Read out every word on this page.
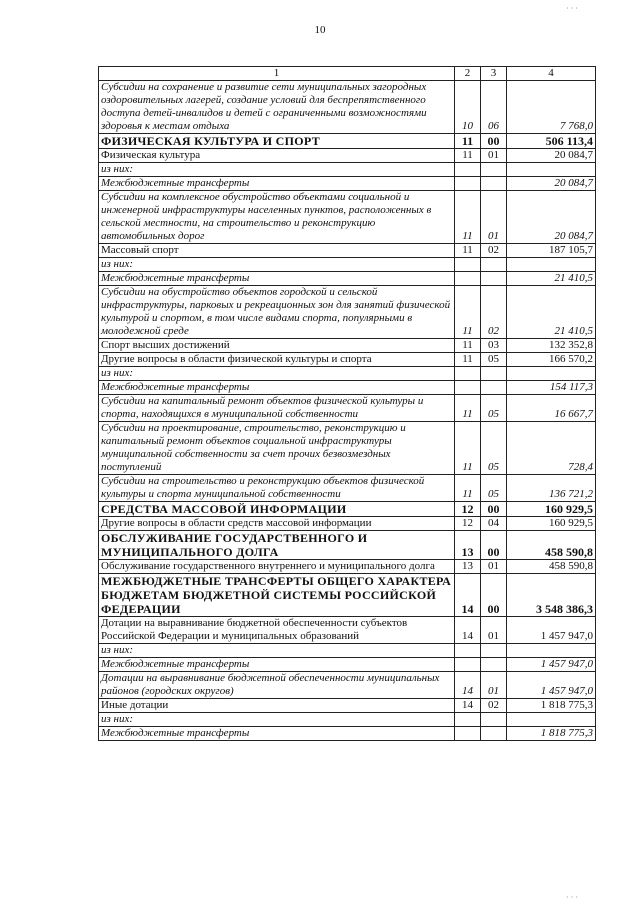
10
· · ·
· · ·
1	2	3	4
Субсидии на сохранение и развитие сети муниципальных загородных оздоровительных лагерей, создание условий для беспрепятственного доступа детей-инвалидов и детей с ограниченными возможностями здоровья к местам отдыха	10	06	7 768,0
ФИЗИЧЕСКАЯ КУЛЬТУРА И СПОРТ	11	00	506 113,4
Физическая культура	11	01	20 084,7
из них:			
Межбюджетные трансферты			20 084,7
Субсидии на комплексное обустройство объектами социальной и инженерной инфраструктуры населенных пунктов, расположенных в сельской местности, на строительство и реконструкцию автомобильных дорог	11	01	20 084,7
Массовый спорт	11	02	187 105,7
из них:			
Межбюджетные трансферты			21 410,5
Субсидии на обустройство объектов городской и сельской инфраструктуры, парковых и рекреационных зон для занятий физической культурой и спортом, в том числе видами спорта, популярными в молодежной среде	11	02	21 410,5
Спорт высших достижений	11	03	132 352,8
Другие вопросы в области физической культуры и спорта	11	05	166 570,2
из них:			
Межбюджетные трансферты			154 117,3
Субсидии на капитальный ремонт объектов физической культуры и спорта, находящихся в муниципальной собственности	11	05	16 667,7
Субсидии на проектирование, строительство, реконструкцию и капитальный ремонт объектов социальной инфраструктуры муниципальной собственности за счет прочих безвозмездных поступлений	11	05	728,4
Субсидии на строительство и реконструкцию объектов физической культуры и спорта муниципальной собственности	11	05	136 721,2
СРЕДСТВА МАССОВОЙ ИНФОРМАЦИИ	12	00	160 929,5
Другие вопросы в области средств массовой информации	12	04	160 929,5
ОБСЛУЖИВАНИЕ ГОСУДАРСТВЕННОГО И МУНИЦИПАЛЬНОГО ДОЛГА	13	00	458 590,8
Обслуживание государственного внутреннего и муниципального долга	13	01	458 590,8
МЕЖБЮДЖЕТНЫЕ ТРАНСФЕРТЫ ОБЩЕГО ХАРАКТЕРА БЮДЖЕТАМ БЮДЖЕТНОЙ СИСТЕМЫ РОССИЙСКОЙ ФЕДЕРАЦИИ	14	00	3 548 386,3
Дотации на выравнивание бюджетной обеспеченности субъектов Российской Федерации и муниципальных образований	14	01	1 457 947,0
из них:			
Межбюджетные трансферты			1 457 947,0
Дотации на выравнивание бюджетной обеспеченности муниципальных районов (городских округов)	14	01	1 457 947,0
Иные дотации	14	02	1 818 775,3
из них:			
Межбюджетные трансферты			1 818 775,3
